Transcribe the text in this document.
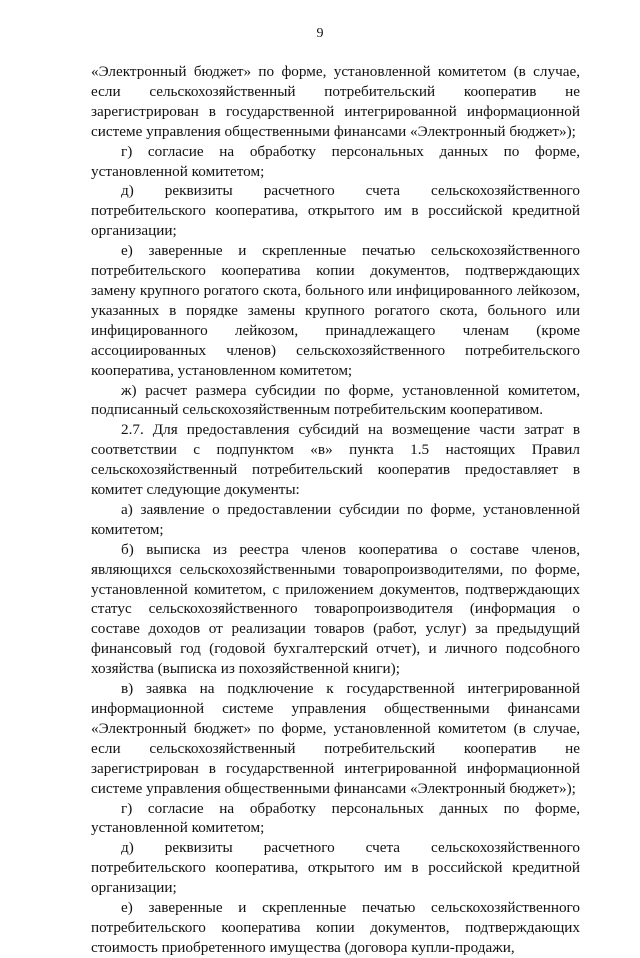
9

«Электронный бюджет» по форме, установленной комитетом (в случае, если сельскохозяйственный потребительский кооператив не зарегистрирован в государственной интегрированной информационной системе управления общественными финансами «Электронный бюджет»);

г) согласие на обработку персональных данных по форме, установленной комитетом;

д) реквизиты расчетного счета сельскохозяйственного потребительского кооператива, открытого им в российской кредитной организации;

е) заверенные и скрепленные печатью сельскохозяйственного потребительского кооператива копии документов, подтверждающих замену крупного рогатого скота, больного или инфицированного лейкозом, указанных в порядке замены крупного рогатого скота, больного или инфицированного лейкозом, принадлежащего членам (кроме ассоциированных членов) сельскохозяйственного потребительского кооператива, установленном комитетом;

ж) расчет размера субсидии по форме, установленной комитетом, подписанный сельскохозяйственным потребительским кооперативом.

2.7. Для предоставления субсидий на возмещение части затрат в соответствии с подпунктом «в» пункта 1.5 настоящих Правил сельскохозяйственный потребительский кооператив предоставляет в комитет следующие документы:

а) заявление о предоставлении субсидии по форме, установленной комитетом;

б) выписка из реестра членов кооператива о составе членов, являющихся сельскохозяйственными товаропроизводителями, по форме, установленной комитетом, с приложением документов, подтверждающих статус сельскохозяйственного товаропроизводителя (информация о составе доходов от реализации товаров (работ, услуг) за предыдущий финансовый год (годовой бухгалтерский отчет), и личного подсобного хозяйства (выписка из похозяйственной книги);

в) заявка на подключение к государственной интегрированной информационной системе управления общественными финансами «Электронный бюджет» по форме, установленной комитетом (в случае, если сельскохозяйственный потребительский кооператив не зарегистрирован в государственной интегрированной информационной системе управления общественными финансами «Электронный бюджет»);

г) согласие на обработку персональных данных по форме, установленной комитетом;

д) реквизиты расчетного счета сельскохозяйственного потребительского кооператива, открытого им в российской кредитной организации;

е) заверенные и скрепленные печатью сельскохозяйственного потребительского кооператива копии документов, подтверждающих стоимость приобретенного имущества (договора купли-продажи,
